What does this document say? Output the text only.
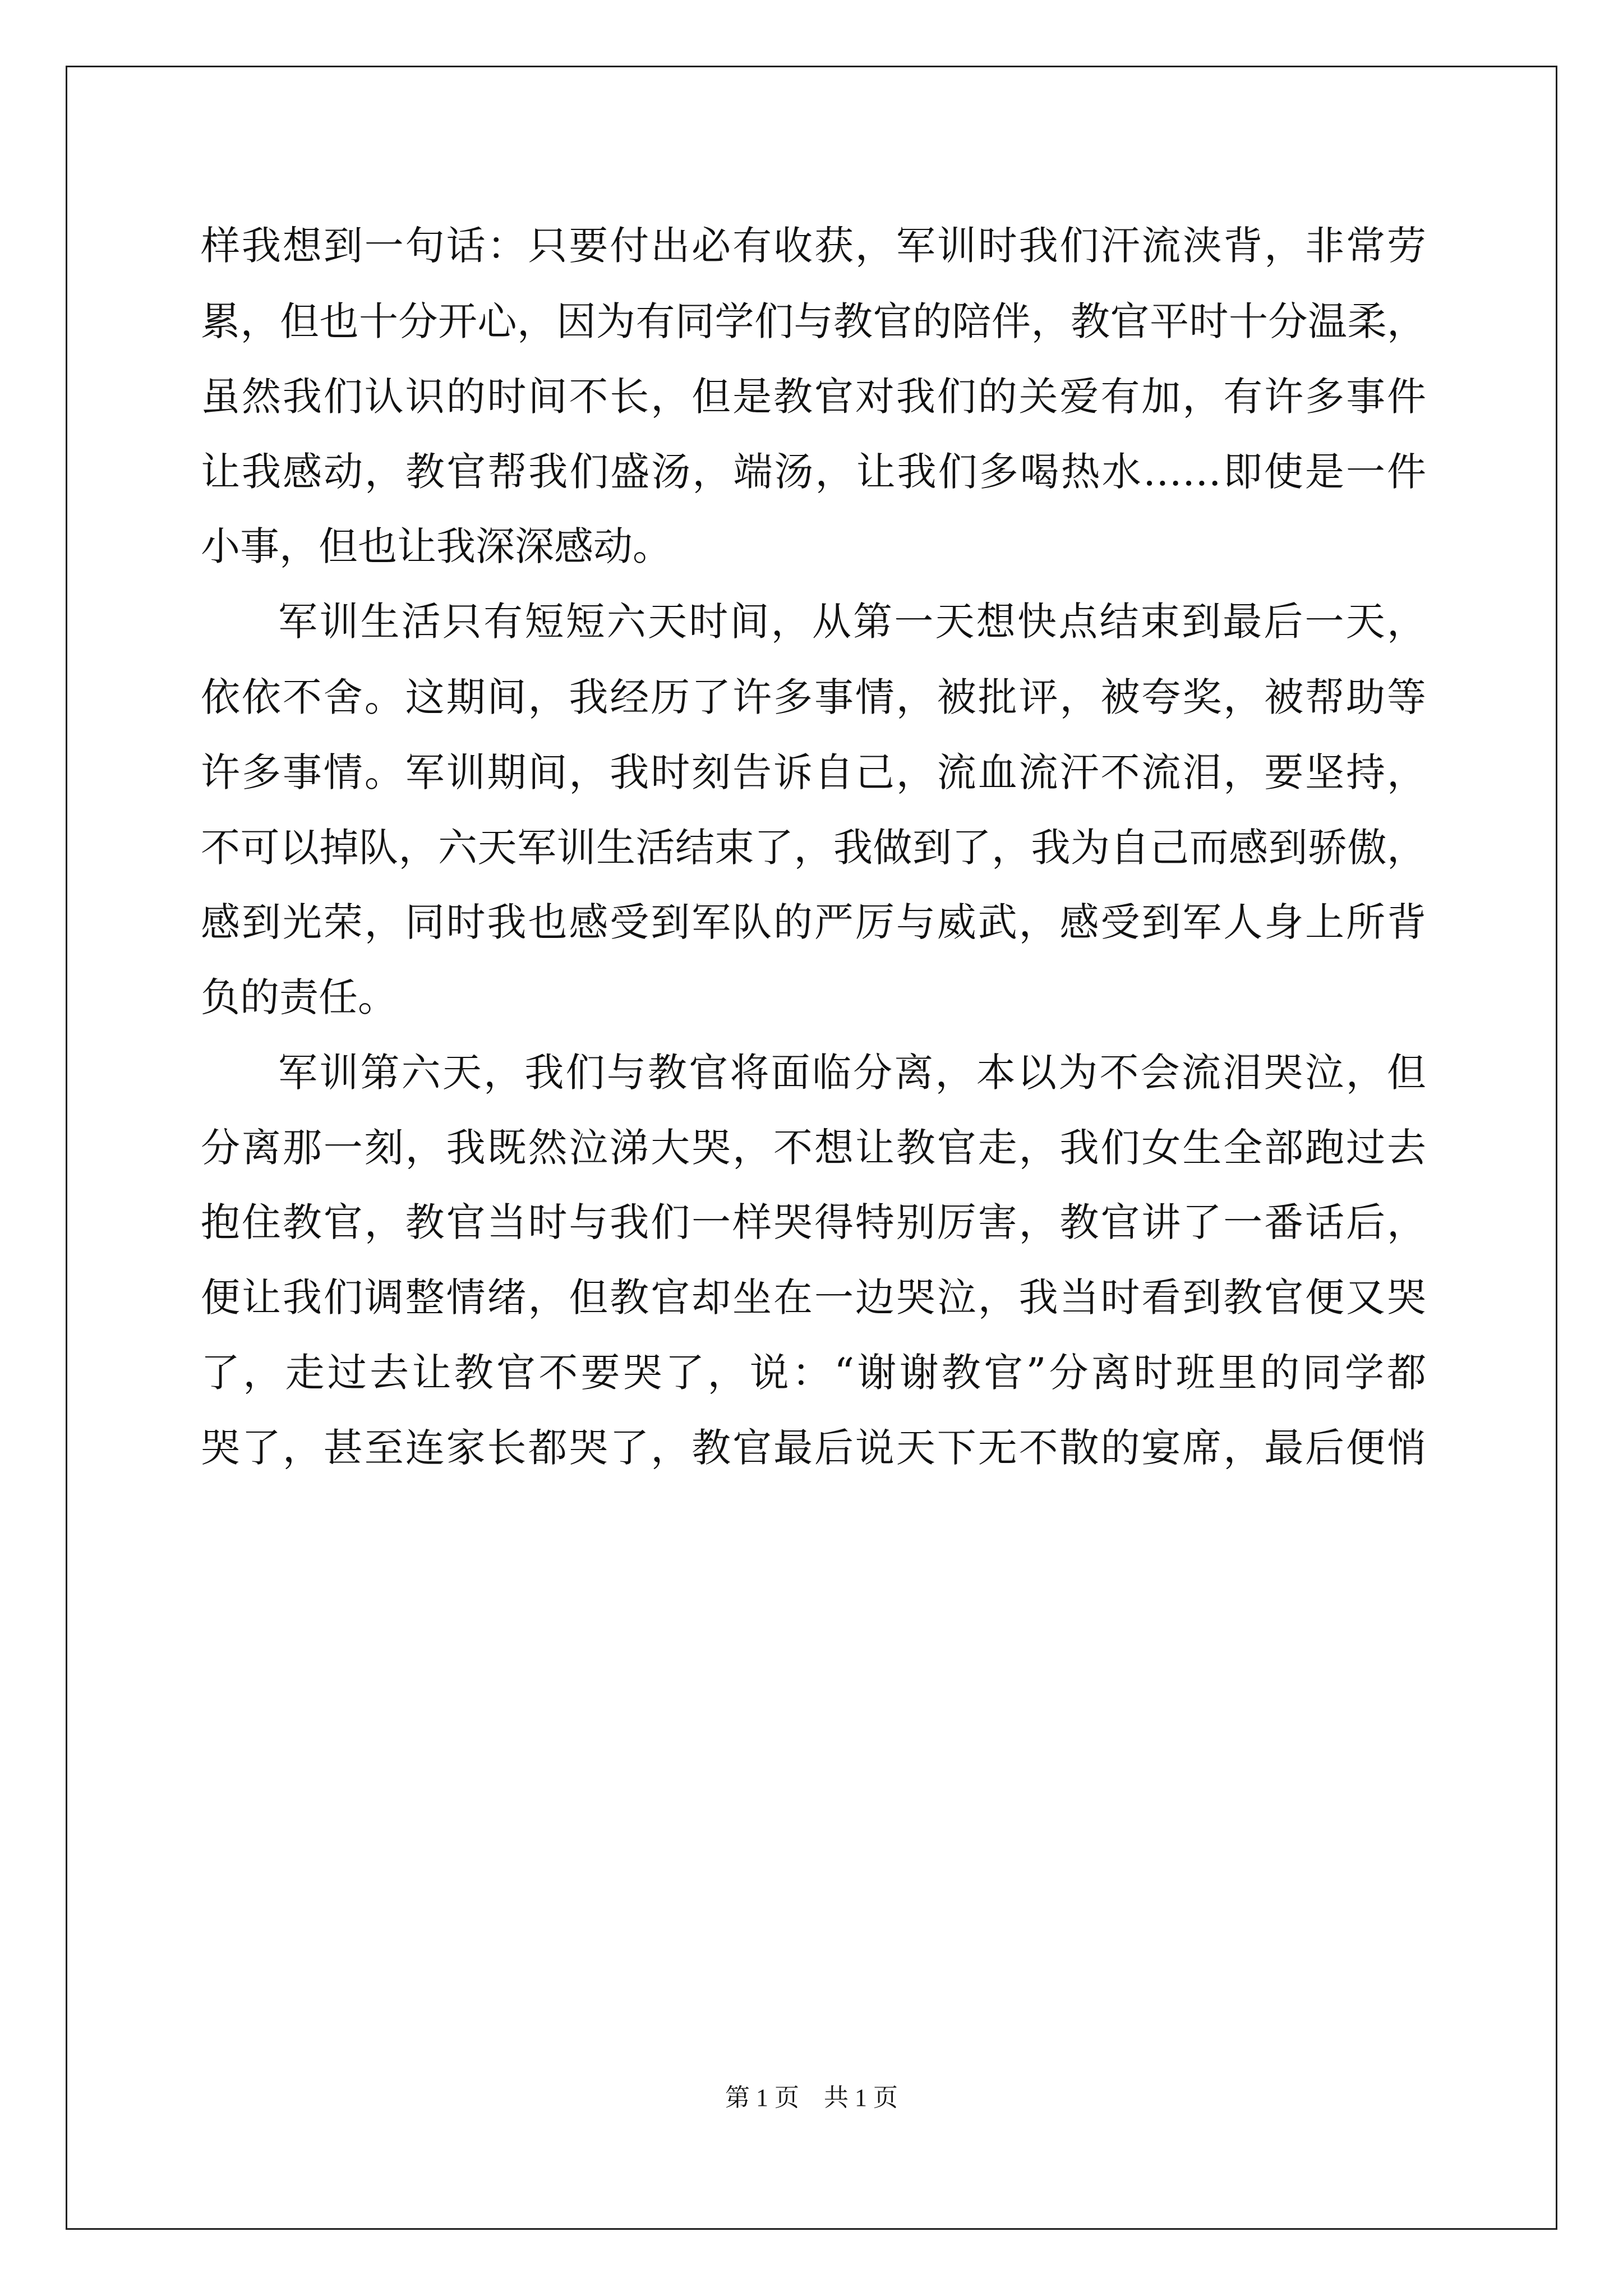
样我想到一句话：只要付出必有收获，军训时我们汗流浃背，非常劳
累，但也十分开心，因为有同学们与教官的陪伴，教官平时十分温柔，
虽然我们认识的时间不长，但是教官对我们的关爱有加，有许多事件
让我感动，教官帮我们盛汤，端汤，让我们多喝热水……即使是一件
小事，但也让我深深感动。
军训生活只有短短六天时间，从第一天想快点结束到最后一天，
依依不舍。这期间，我经历了许多事情，被批评，被夸奖，被帮助等
许多事情。军训期间，我时刻告诉自己，流血流汗不流泪，要坚持，
不可以掉队，六天军训生活结束了，我做到了，我为自己而感到骄傲，
感到光荣，同时我也感受到军队的严厉与威武，感受到军人身上所背
负的责任。
军训第六天，我们与教官将面临分离，本以为不会流泪哭泣，但
分离那一刻，我既然泣涕大哭，不想让教官走，我们女生全部跑过去
抱住教官，教官当时与我们一样哭得特别厉害，教官讲了一番话后，
便让我们调整情绪，但教官却坐在一边哭泣，我当时看到教官便又哭
了，走过去让教官不要哭了，说：“谢谢教官”分离时班里的同学都
哭了，甚至连家长都哭了，教官最后说天下无不散的宴席，最后便悄
第 1 页　共 1 页
